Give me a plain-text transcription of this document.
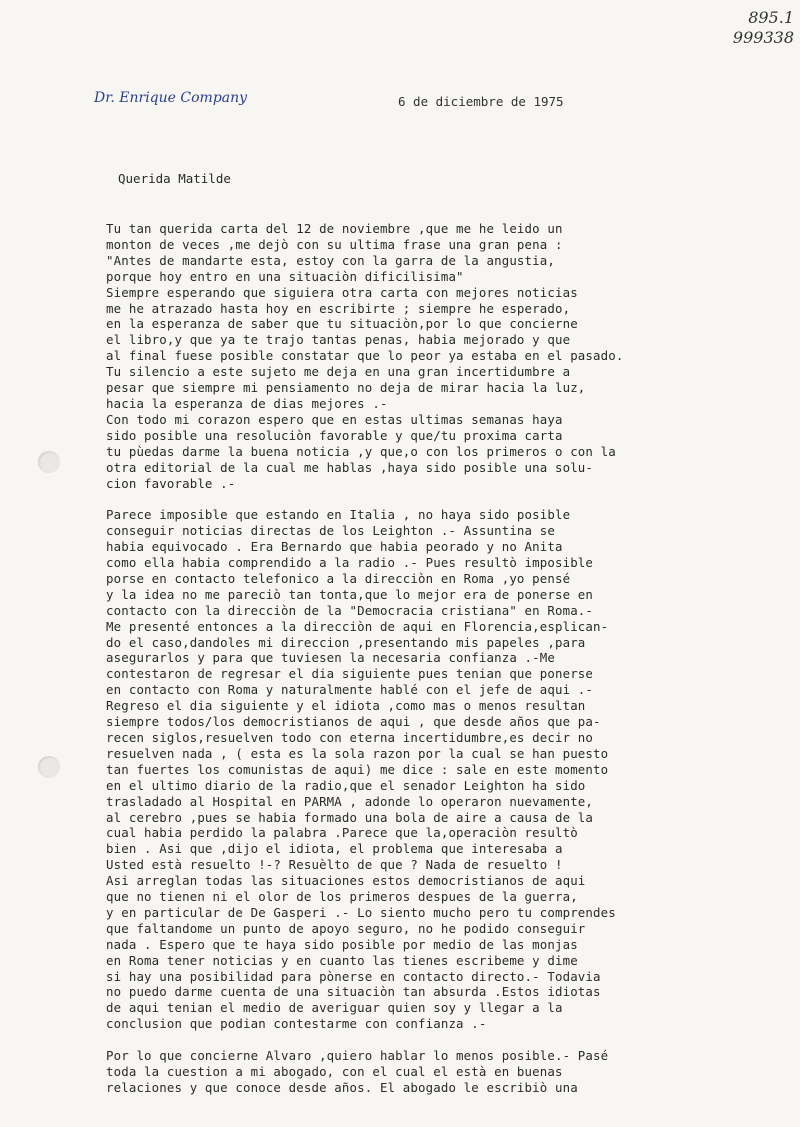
895.1
999338
Dr. Enrique Company	6 de diciembre de 1975
Querida Matilde
Tu tan querida carta del 12 de noviembre ,que me he leido un
monton de veces ,me dejò con su ultima frase una gran pena :
"Antes de mandarte esta, estoy con la garra de la angustia,
porque hoy entro en una situaciòn dificilisima"
Siempre esperando que siguiera otra carta con mejores noticias
me he atrazado hasta hoy en escribirte ; siempre he esperado,
en la esperanza de saber que tu situaciòn,por lo que concierne
el libro,y que ya te trajo tantas penas, habia mejorado y que
al final fuese posible constatar que lo peor ya estaba en el pasado.
Tu silencio a este sujeto me deja en una gran incertidumbre a
pesar que siempre mi pensiamento no deja de mirar hacia la luz,
hacia la esperanza de dias mejores .-
Con todo mi corazon espero que en estas ultimas semanas haya
sido posible una resoluciòn favorable y que/tu proxima carta
tu pùedas darme la buena noticia ,y que,o con los primeros o con la
otra editorial de la cual me hablas ,haya sido posible una solu-
cion favorable .-
Parece imposible que estando en Italia , no haya sido posible
conseguir noticias directas de los Leighton .- Assuntina se
habia equivocado . Era Bernardo que habia peorado y no Anita
como ella habia comprendido a la radio .- Pues resultò imposible
porse en contacto telefonico a la direcciòn en Roma ,yo pensé
y la idea no me pareciò tan tonta,que lo mejor era de ponerse en
contacto con la direcciòn de la "Democracia cristiana" en Roma.-
Me presenté entonces a la direcciòn de aqui en Florencia,esplican-
do el caso,dandoles mi direccion ,presentando mis papeles ,para
asegurarlos y para que tuviesen la necesaria confianza .-Me
contestaron de regresar el dia siguiente pues tenian que ponerse
en contacto con Roma y naturalmente hablé con el jefe de aqui .-
Regreso el dia siguiente y el idiota ,como mas o menos resultan
siempre todos/los democristianos de aqui , que desde años que pa-
recen siglos,resuelven todo con eterna incertidumbre,es decir no
resuelven nada , ( esta es la sola razon por la cual se han puesto
tan fuertes los comunistas de aqui) me dice : sale en este momento
en el ultimo diario de la radio,que el senador Leighton ha sido
trasladado al Hospital en PARMA , adonde lo operaron nuevamente,
al cerebro ,pues se habia formado una bola de aire a causa de la
cual habia perdido la palabra .Parece que la,operaciòn resultò
bien . Asi que ,dijo el idiota, el problema que interesaba a
Usted està resuelto !-? Resuèlto de que ? Nada de resuelto !
Asi arreglan todas las situaciones estos democristianos de aqui
que no tienen ni el olor de los primeros despues de la guerra,
y en particular de De Gasperi .- Lo siento mucho pero tu comprendes
que faltandome un punto de apoyo seguro, no he podido conseguir
nada . Espero que te haya sido posible por medio de las monjas
en Roma tener noticias y en cuanto las tienes escribeme y dime
si hay una posibilidad para pònerse en contacto directo.- Todavia
no puedo darme cuenta de una situaciòn tan absurda .Estos idiotas
de aqui tenian el medio de averiguar quien soy y llegar a la
conclusion que podian contestarme con confianza .-
Por lo que concierne Alvaro ,quiero hablar lo menos posible.- Pasé
toda la cuestion a mi abogado, con el cual el està en buenas
relaciones y que conoce desde años. El abogado le escribiò una
